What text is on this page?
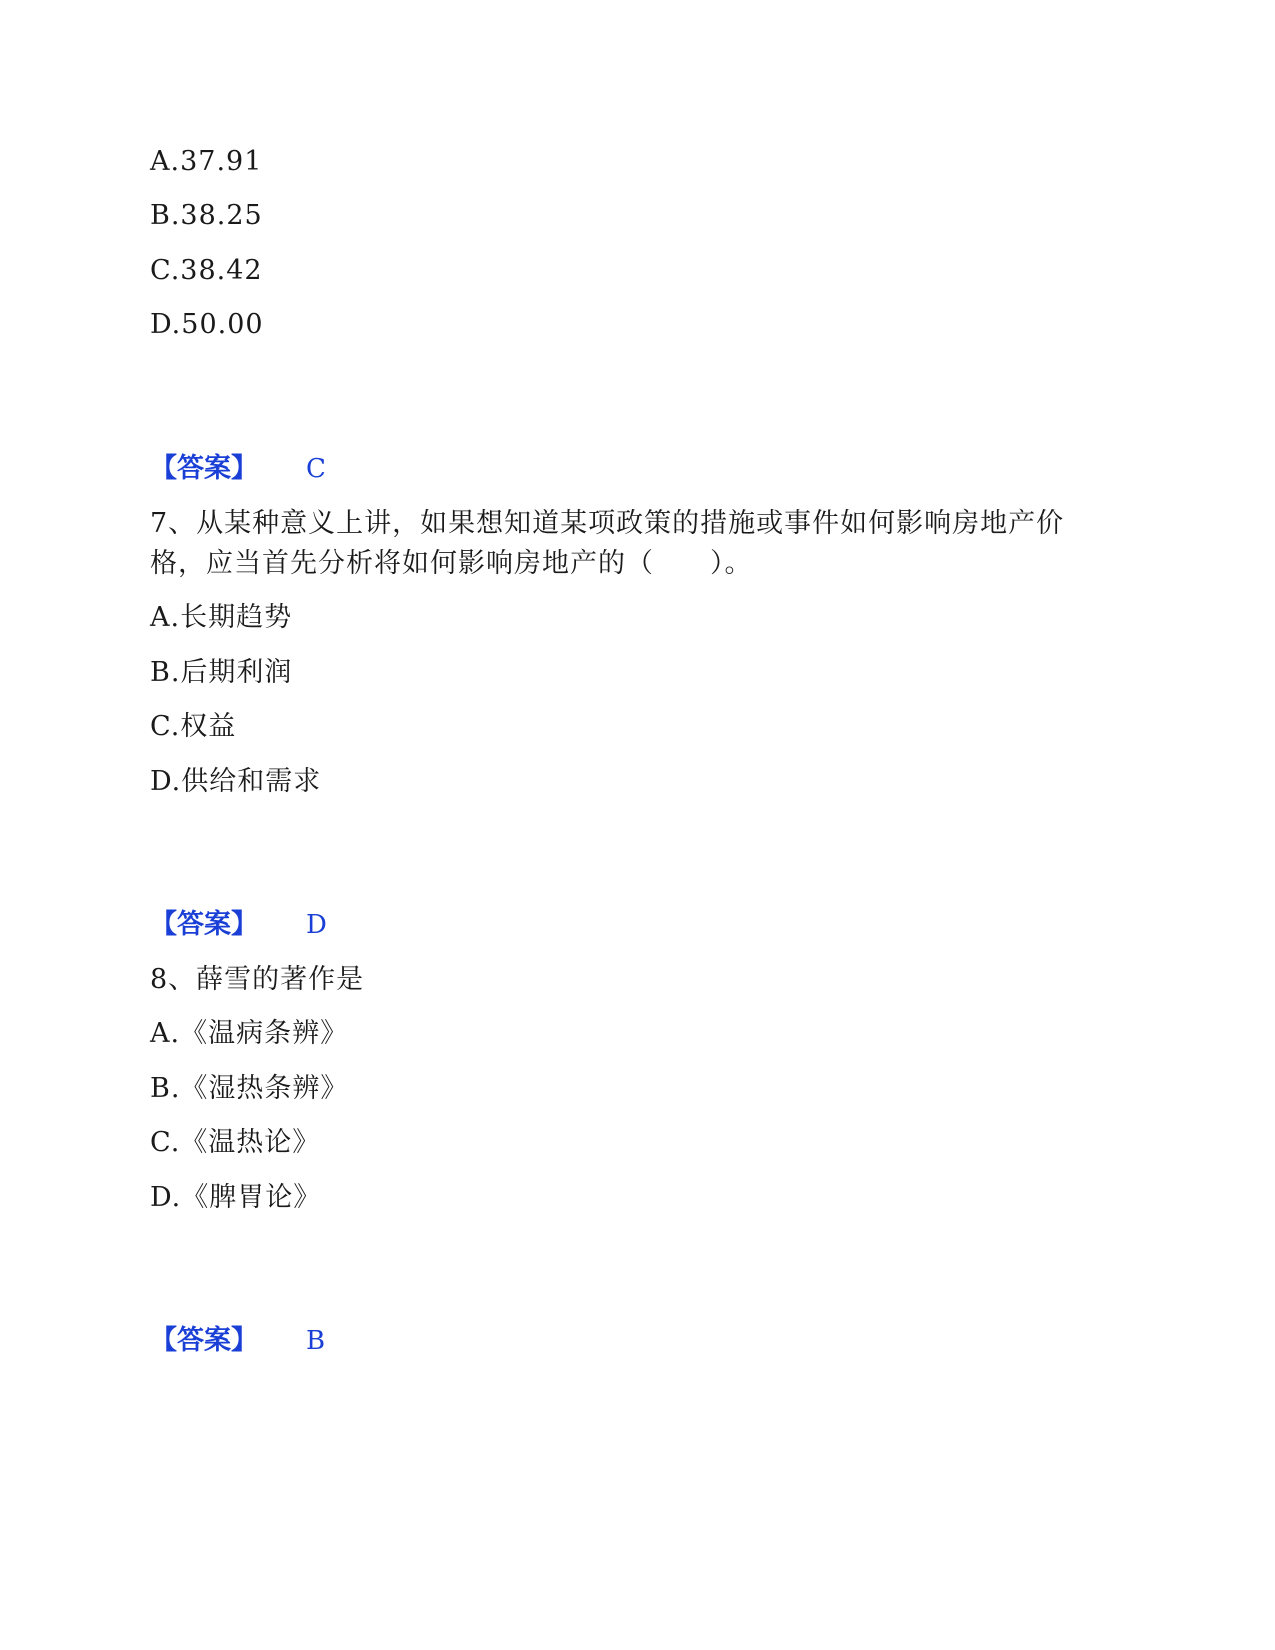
A.37.91
B.38.25
C.38.42
D.50.00
【答案】 C
7、从某种意义上讲，如果想知道某项政策的措施或事件如何影响房地产价
格，应当首先分析将如何影响房地产的（　　）。
A.长期趋势
B.后期利润
C.权益
D.供给和需求
【答案】 D
8、薛雪的著作是
A.《温病条辨》
B.《湿热条辨》
C.《温热论》
D.《脾胃论》
【答案】 B
